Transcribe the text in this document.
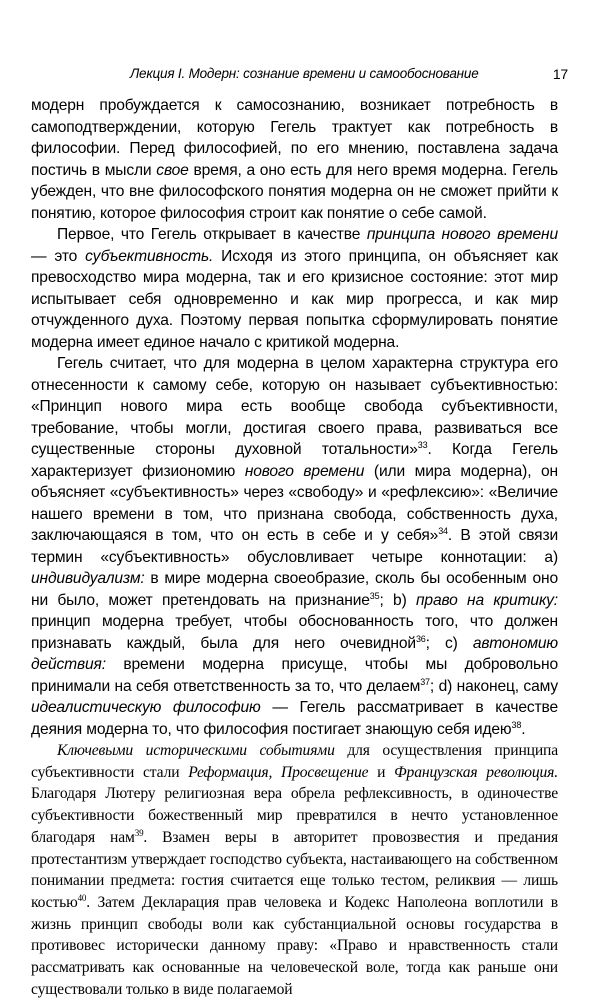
Лекция I. Модерн: сознание времени и самообоснование	17

модерн пробуждается к самосознанию, возникает потребность в самоподтверждении, которую Гегель трактует как потребность в философии. Перед философией, по его мнению, поставлена задача постичь в мысли свое время, а оно есть для него время модерна. Гегель убежден, что вне философского понятия модерна он не сможет прийти к понятию, которое философия строит как понятие о себе самой.

Первое, что Гегель открывает в качестве принципа нового времени — это субъективность. Исходя из этого принципа, он объясняет как превосходство мира модерна, так и его кризисное состояние: этот мир испытывает себя одновременно и как мир прогресса, и как мир отчужденного духа. Поэтому первая попытка сформулировать понятие модерна имеет единое начало с критикой модерна.

Гегель считает, что для модерна в целом характерна структура его отнесенности к самому себе, которую он называет субъективностью: «Принцип нового мира есть вообще свобода субъективности, требование, чтобы могли, достигая своего права, развиваться все существенные стороны духовной тотальности»$^{33}$. Когда Гегель характеризует физиономию нового времени (или мира модерна), он объясняет «субъективность» через «свободу» и «рефлексию»: «Величие нашего времени в том, что признана свобода, собственность духа, заключающаяся в том, что он есть в себе и у себя»$^{34}$. В этой связи термин «субъективность» обусловливает четыре коннотации: a) индивидуализм: в мире модерна своеобразие, сколь бы особенным оно ни было, может претендовать на признание$^{35}$; b) право на критику: принцип модерна требует, чтобы обоснованность того, что должен признавать каждый, была для него очевидной$^{36}$; c) автономию действия: времени модерна присуще, чтобы мы добровольно принимали на себя ответственность за то, что делаем$^{37}$; d) наконец, саму идеалистическую философию — Гегель рассматривает в качестве деяния модерна то, что философия постигает знающую себя идею$^{38}$.

Ключевыми историческими событиями для осуществления принципа субъективности стали Реформация, Просвещение и Французская революция. Благодаря Лютеру религиозная вера обрела рефлексивность, в одиночестве субъективности божественный мир превратился в нечто установленное благодаря нам$^{39}$. Взамен веры в авторитет провозвестия и предания протестантизм утверждает господство субъекта, настаивающего на собственном понимании предмета: гостия считается еще только тестом, реликвия — лишь костью$^{40}$. Затем Декларация прав человека и Кодекс Наполеона воплотили в жизнь принцип свободы воли как субстанциальной основы государства в противовес исторически данному праву: «Право и нравственность стали рассматривать как основанные на человеческой воле, тогда как раньше они существовали только в виде полагаемой
